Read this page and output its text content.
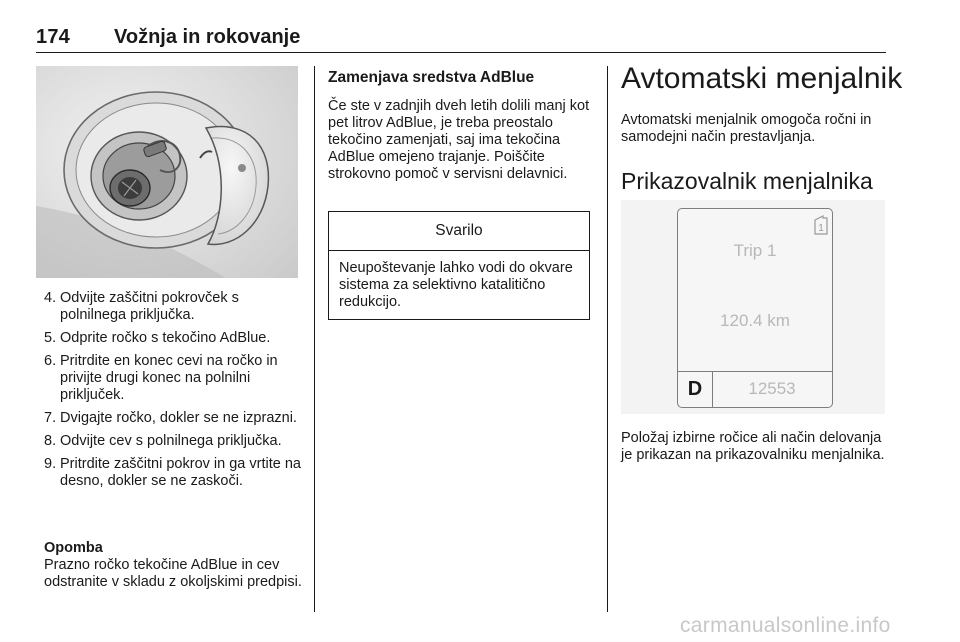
174 Vožnja in rokovanje
4. Odvijte zaščitni pokrovček s polnilnega priključka.
5. Odprite ročko s tekočino AdBlue.
6. Pritrdite en konec cevi na ročko in privijte drugi konec na polnilni priključek.
7. Dvigajte ročko, dokler se ne izprazni.
8. Odvijte cev s polnilnega priključka.
9. Pritrdite zaščitni pokrov in ga vrtite na desno, dokler se ne zaskoči.
Opomba
Prazno ročko tekočine AdBlue in cev odstranite v skladu z okoljskimi predpisi.
Zamenjava sredstva AdBlue
Če ste v zadnjih dveh letih dolili manj kot pet litrov AdBlue, je treba preostalo tekočino zamenjati, saj ima tekočina AdBlue omejeno trajanje. Poiščite strokovno pomoč v servisni delavnici.
Svarilo
Neupoštevanje lahko vodi do okvare sistema za selektivno katalitično redukcijo.
Avtomatski menjalnik
Avtomatski menjalnik omogoča ročni in samodejni način prestavljanja.
Prikazovalnik menjalnika
1
Trip 1
120.4 km
D	12553
Položaj izbirne ročice ali način delovanja je prikazan na prikazovalniku menjalnika.
carmanualsonline.info
